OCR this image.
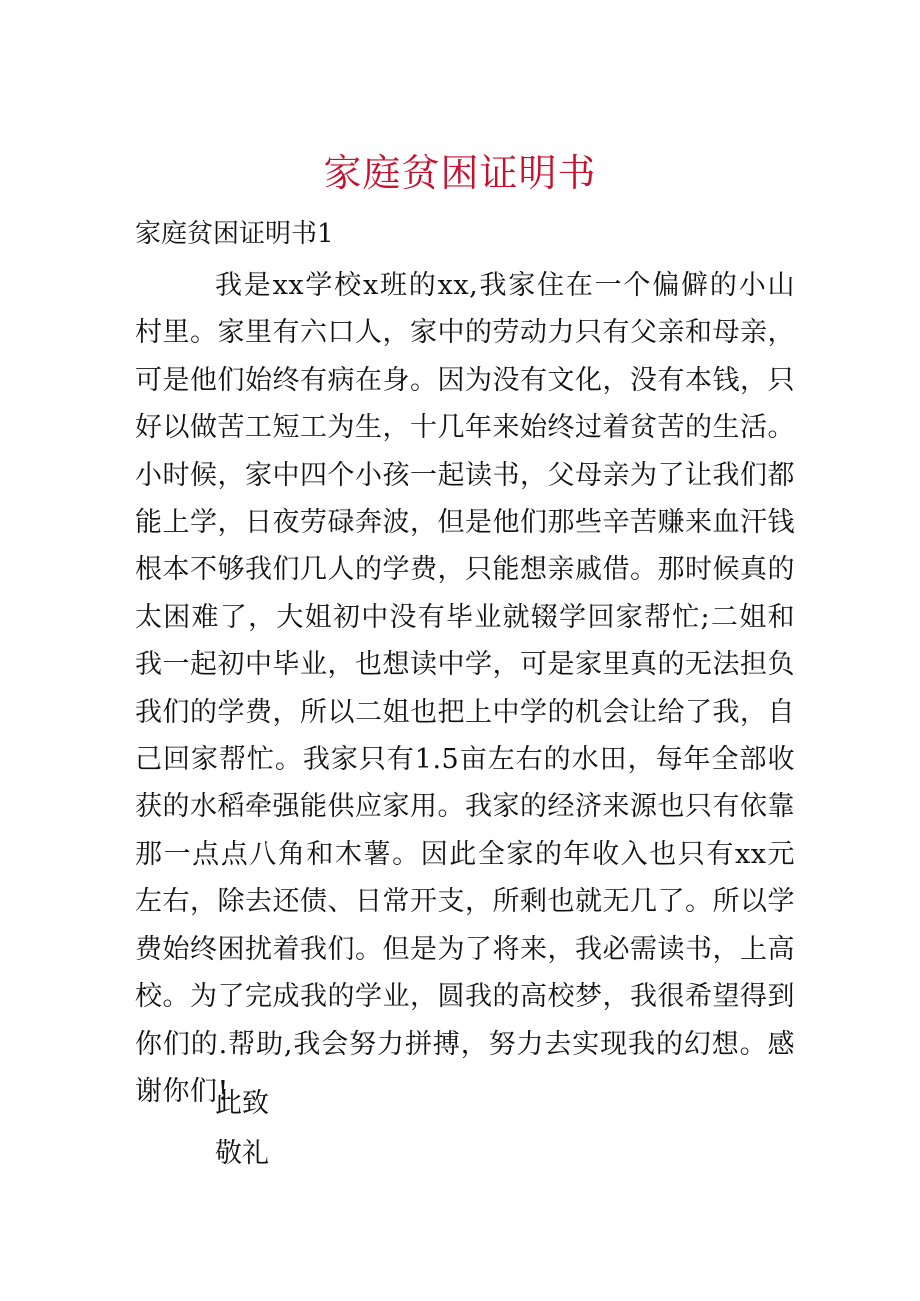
家庭贫困证明书

家庭贫困证明书1

我是xx学校x班的xx,我家住在一个偏僻的小山村里。家里有六口人，家中的劳动力只有父亲和母亲，可是他们始终有病在身。因为没有文化，没有本钱，只好以做苦工短工为生，十几年来始终过着贫苦的生活。小时候，家中四个小孩一起读书，父母亲为了让我们都能上学，日夜劳碌奔波，但是他们那些辛苦赚来血汗钱根本不够我们几人的学费，只能想亲戚借。那时候真的太困难了，大姐初中没有毕业就辍学回家帮忙;二姐和我一起初中毕业，也想读中学，可是家里真的无法担负我们的学费，所以二姐也把上中学的机会让给了我，自己回家帮忙。我家只有1.5亩左右的水田，每年全部收获的水稻牵强能供应家用。我家的经济来源也只有依靠那一点点八角和木薯。因此全家的年收入也只有xx元左右，除去还债、日常开支，所剩也就无几了。所以学费始终困扰着我们。但是为了将来，我必需读书，上高校。为了完成我的学业，圆我的高校梦，我很希望得到你们的.帮助,我会努力拼搏，努力去实现我的幻想。感谢你们!

此致

敬礼
